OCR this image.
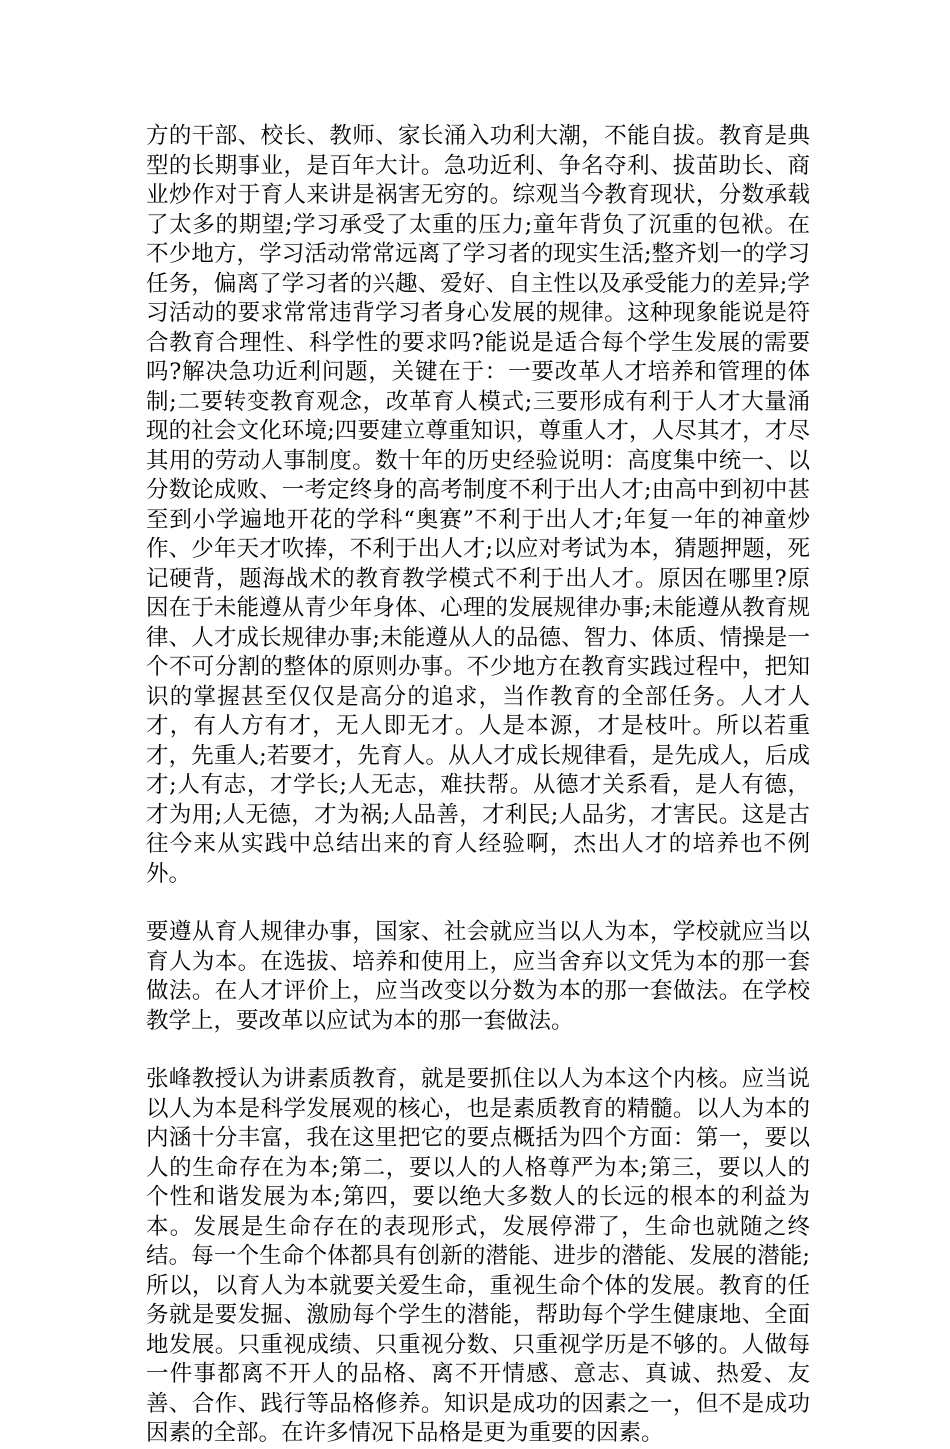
方的干部、校长、教师、家长涌入功利大潮，不能自拔。教育是典型的长期事业，是百年大计。急功近利、争名夺利、拔苗助长、商业炒作对于育人来讲是祸害无穷的。综观当今教育现状，分数承载了太多的期望;学习承受了太重的压力;童年背负了沉重的包袱。在不少地方，学习活动常常远离了学习者的现实生活;整齐划一的学习任务，偏离了学习者的兴趣、爱好、自主性以及承受能力的差异;学习活动的要求常常违背学习者身心发展的规律。这种现象能说是符合教育合理性、科学性的要求吗?能说是适合每个学生发展的需要吗?解决急功近利问题，关键在于：一要改革人才培养和管理的体制;二要转变教育观念，改革育人模式;三要形成有利于人才大量涌现的社会文化环境;四要建立尊重知识，尊重人才，人尽其才，才尽其用的劳动人事制度。数十年的历史经验说明：高度集中统一、以分数论成败、一考定终身的高考制度不利于出人才;由高中到初中甚至到小学遍地开花的学科“奥赛”不利于出人才;年复一年的神童炒作、少年天才吹捧，不利于出人才;以应对考试为本，猜题押题，死记硬背，题海战术的教育教学模式不利于出人才。原因在哪里?原因在于未能遵从青少年身体、心理的发展规律办事;未能遵从教育规律、人才成长规律办事;未能遵从人的品德、智力、体质、情操是一个不可分割的整体的原则办事。不少地方在教育实践过程中，把知识的掌握甚至仅仅是高分的追求，当作教育的全部任务。人才人才，有人方有才，无人即无才。人是本源，才是枝叶。所以若重才，先重人;若要才，先育人。从人才成长规律看，是先成人，后成才;人有志，才学长;人无志，难扶帮。从德才关系看，是人有德，才为用;人无德，才为祸;人品善，才利民;人品劣，才害民。这是古往今来从实践中总结出来的育人经验啊，杰出人才的培养也不例外。

要遵从育人规律办事，国家、社会就应当以人为本，学校就应当以育人为本。在选拔、培养和使用上，应当舍弃以文凭为本的那一套做法。在人才评价上，应当改变以分数为本的那一套做法。在学校教学上，要改革以应试为本的那一套做法。

张峰教授认为讲素质教育，就是要抓住以人为本这个内核。应当说以人为本是科学发展观的核心，也是素质教育的精髓。以人为本的内涵十分丰富，我在这里把它的要点概括为四个方面：第一，要以人的生命存在为本;第二，要以人的人格尊严为本;第三，要以人的个性和谐发展为本;第四，要以绝大多数人的长远的根本的利益为本。发展是生命存在的表现形式，发展停滞了，生命也就随之终结。每一个生命个体都具有创新的潜能、进步的潜能、发展的潜能;所以，以育人为本就要关爱生命，重视生命个体的发展。教育的任务就是要发掘、激励每个学生的潜能，帮助每个学生健康地、全面地发展。只重视成绩、只重视分数、只重视学历是不够的。人做每一件事都离不开人的品格、离不开情感、意志、真诚、热爱、友善、合作、践行等品格修养。知识是成功的因素之一，但不是成功因素的全部。在许多情况下品格是更为重要的因素。
